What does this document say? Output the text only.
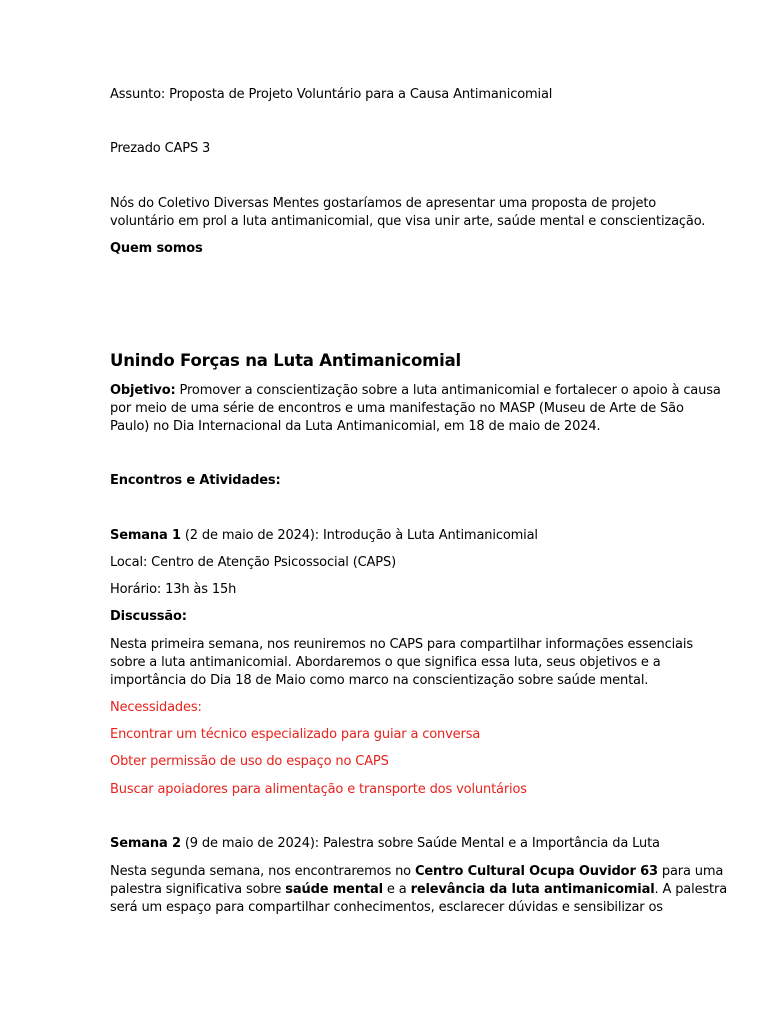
Assunto: Proposta de Projeto Voluntário para a Causa Antimanicomial
Prezado CAPS 3
Nós do Coletivo Diversas Mentes gostaríamos de apresentar uma proposta de projeto
voluntário em prol a luta antimanicomial, que visa unir arte, saúde mental e conscientização.
Quem somos
Unindo Forças na Luta Antimanicomial
Objetivo: Promover a conscientização sobre a luta antimanicomial e fortalecer o apoio à causa
por meio de uma série de encontros e uma manifestação no MASP (Museu de Arte de São
Paulo) no Dia Internacional da Luta Antimanicomial, em 18 de maio de 2024.
Encontros e Atividades:
Semana 1 (2 de maio de 2024): Introdução à Luta Antimanicomial
Local: Centro de Atenção Psicossocial (CAPS)
Horário: 13h às 15h
Discussão:
Nesta primeira semana, nos reuniremos no CAPS para compartilhar informações essenciais
sobre a luta antimanicomial. Abordaremos o que significa essa luta, seus objetivos e a
importância do Dia 18 de Maio como marco na conscientização sobre saúde mental.
Necessidades:
Encontrar um técnico especializado para guiar a conversa
Obter permissão de uso do espaço no CAPS
Buscar apoiadores para alimentação e transporte dos voluntários
Semana 2 (9 de maio de 2024): Palestra sobre Saúde Mental e a Importância da Luta
Nesta segunda semana, nos encontraremos no Centro Cultural Ocupa Ouvidor 63 para uma
palestra significativa sobre saúde mental e a relevância da luta antimanicomial. A palestra
será um espaço para compartilhar conhecimentos, esclarecer dúvidas e sensibilizar os
